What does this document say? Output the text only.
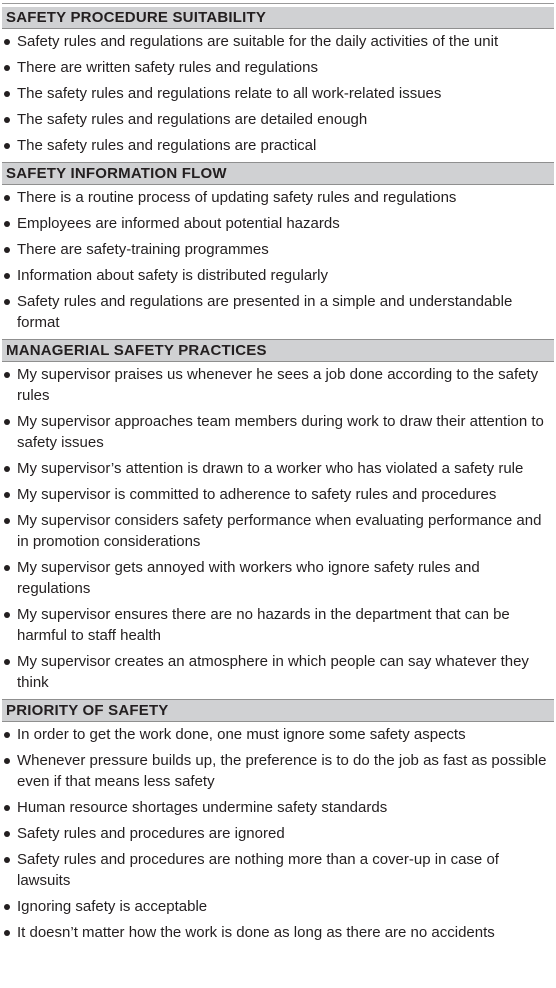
SAFETY PROCEDURE SUITABILITY
Safety rules and regulations are suitable for the daily activities of the unit
There are written safety rules and regulations
The safety rules and regulations relate to all work-related issues
The safety rules and regulations are detailed enough
The safety rules and regulations are practical
SAFETY INFORMATION FLOW
There is a routine process of updating safety rules and regulations
Employees are informed about potential hazards
There are safety-training programmes
Information about safety is distributed regularly
Safety rules and regulations are presented in a simple and understandable format
MANAGERIAL SAFETY PRACTICES
My supervisor praises us whenever he sees a job done according to the safety rules
My supervisor approaches team members during work to draw their attention to safety issues
My supervisor’s attention is drawn to a worker who has violated a safety rule
My supervisor is committed to adherence to safety rules and procedures
My supervisor considers safety performance when evaluating performance and in promotion considerations
My supervisor gets annoyed with workers who ignore safety rules and regulations
My supervisor ensures there are no hazards in the department that can be harmful to staff health
My supervisor creates an atmosphere in which people can say whatever they think
PRIORITY OF SAFETY
In order to get the work done, one must ignore some safety aspects
Whenever pressure builds up, the preference is to do the job as fast as possible even if that means less safety
Human resource shortages undermine safety standards
Safety rules and procedures are ignored
Safety rules and procedures are nothing more than a cover-up in case of lawsuits
Ignoring safety is acceptable
It doesn’t matter how the work is done as long as there are no accidents
